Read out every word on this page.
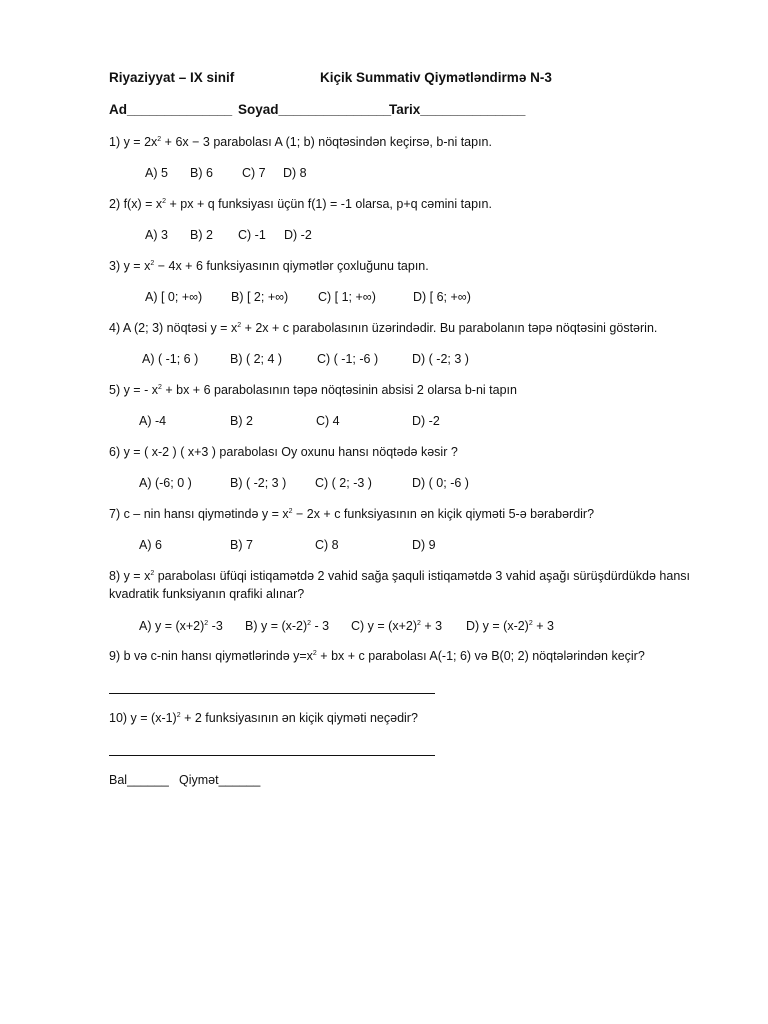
Riyaziyyat – IX sinif	Kiçik Summativ Qiymətləndirmə N-3
Ad______________ Soyad_______________
Tarix______________
1) $y = 2x^2 + 6x - 3$ parabolası A (1; b) nöqtəsindən keçirsə, b-ni tapın.
A) 5 B) 6 C) 7 D) 8
2) $f(x) = x^2$ + px + q funksiyası üçün f(1) = -1 olarsa, p+q cəmini tapın.
A) 3 B) 2 C) -1 D) -2
3) $y = x^2 - 4x + 6$ funksiyasının qiymətlər çoxluğunu tapın.
A) [ 0; +∞) B) [ 2; +∞) C) [ 1; +∞)	D) [ 6; +∞)
4) A (2; 3) nöqtəsi $y = x^2 + 2x + c$ parabolasının üzərindədir. Bu parabolanın təpə nöqtəsini göstərin.
A) ( -1; 6 )	B) ( 2; 4 )	C) ( -1; -6 )	D) ( -2; 3 )
5) y = - $x^2$ + bx + 6 parabolasının təpə nöqtəsinin absisi 2 olarsa b-ni tapın
A) -4	B) 2	C) 4	D) -2
6) y = ( x-2 ) ( x+3 ) parabolası Oy oxunu hansı nöqtədə kəsir ?
A) (-6; 0 )	B) ( -2; 3 ) C) ( 2; -3 )	D) ( 0; -6 )
7) c – nin hansı qiymətində $y = x^2 - 2x + c$ funksiyasının ən kiçik qiyməti 5-ə bərabərdir?
A) 6	B) 7	C) 8	D) 9
8) $y = x^2$ parabolası üfüqi istiqamətdə 2 vahid sağa şaquli istiqamətdə 3 vahid aşağı sürüşdürdükdə hansı
kvadratik funksiyanın qrafiki alınar?
A) $y = (x+2)^2$ -3 B) $y = (x-2)^2 - 3$ C) $y = (x+2)^2 + 3$ D) $y = (x-2)^2 + 3$
9) b və c-nin hansı qiymətlərində $y=x^2$ + bx + c parabolası A(-1; 6) və B(0; 2) nöqtələrindən keçir?
10) $y = (x-1)^2 + 2$ funksiyasının ən kiçik qiyməti neçədir?
Bal______ Qiymət______
